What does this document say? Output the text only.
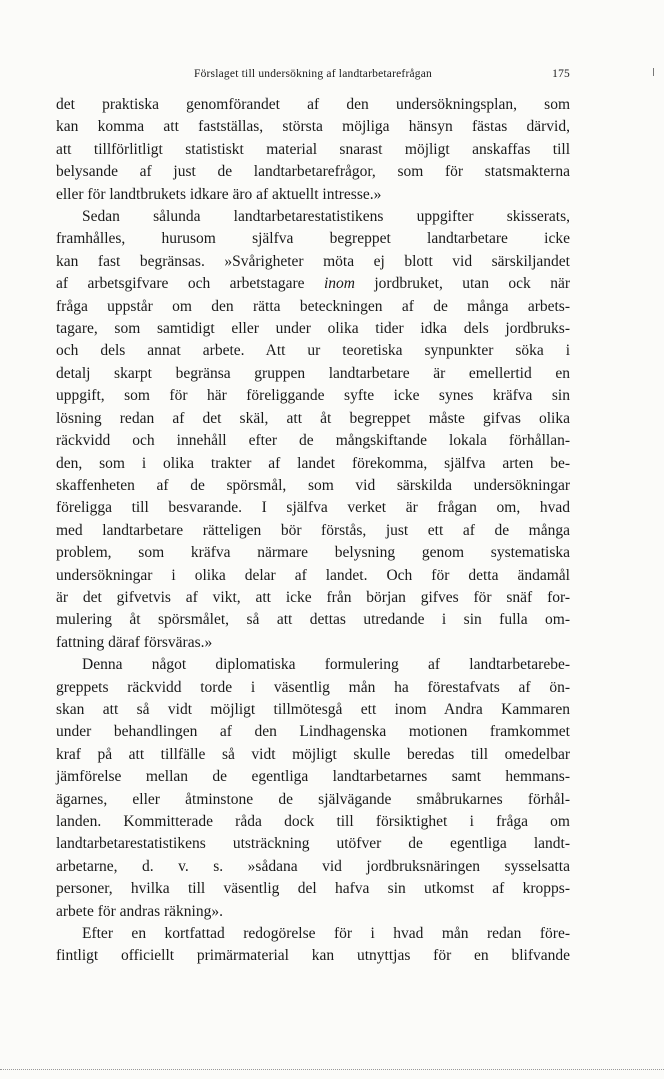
Förslaget till undersökning af landtarbetarefrågan	175

det praktiska genomförandet af den undersökningsplan, som

kan komma att fastställas, största möjliga hänsyn fästas därvid,

att tillförlitligt statistiskt material snarast möjligt anskaffas till

belysande af just de landtarbetarefrågor, som för statsmakterna

eller för landtbrukets idkare äro af aktuellt intresse.»

Sedan sålunda landtarbetarestatistikens uppgifter skisserats,

framhålles, hurusom själfva begreppet landtarbetare icke

kan fast begränsas. »Svårigheter möta ej blott vid särskiljandet

af arbetsgifvare och arbetstagare inom jordbruket, utan ock när

fråga uppstår om den rätta beteckningen af de många arbets-

tagare, som samtidigt eller under olika tider idka dels jordbruks-

och dels annat arbete. Att ur teoretiska synpunkter söka i

detalj skarpt begränsa gruppen landtarbetare är emellertid en

uppgift, som för här föreliggande syfte icke synes kräfva sin

lösning redan af det skäl, att åt begreppet måste gifvas olika

räckvidd och innehåll efter de mångskiftande lokala förhållan-

den, som i olika trakter af landet förekomma, själfva arten be-

skaffenheten af de spörsmål, som vid särskilda undersökningar

föreligga till besvarande. I själfva verket är frågan om, hvad

med landtarbetare rätteligen bör förstås, just ett af de många

problem, som kräfva närmare belysning genom systematiska

undersökningar i olika delar af landet. Och för detta ändamål

är det gifvetvis af vikt, att icke från början gifves för snäf for-

mulering åt spörsmålet, så att dettas utredande i sin fulla om-

fattning däraf försväras.»

Denna något diplomatiska formulering af landtarbetarebe-

greppets räckvidd torde i väsentlig mån ha förestafvats af ön-

skan att så vidt möjligt tillmötesgå ett inom Andra Kammaren

under behandlingen af den Lindhagenska motionen framkommet

kraf på att tillfälle så vidt möjligt skulle beredas till omedelbar

jämförelse mellan de egentliga landtarbetarnes samt hemmans-

ägarnes, eller åtminstone de självägande småbrukarnes förhål-

landen. Kommitterade råda dock till försiktighet i fråga om

landtarbetarestatistikens utsträckning utöfver de egentliga landt-

arbetarne, d. v. s. »sådana vid jordbruksnäringen sysselsatta

personer, hvilka till väsentlig del hafva sin utkomst af kropps-

arbete för andras räkning».

Efter en kortfattad redogörelse för i hvad mån redan före-

fintligt officiellt primärmaterial kan utnyttjas för en blifvande
